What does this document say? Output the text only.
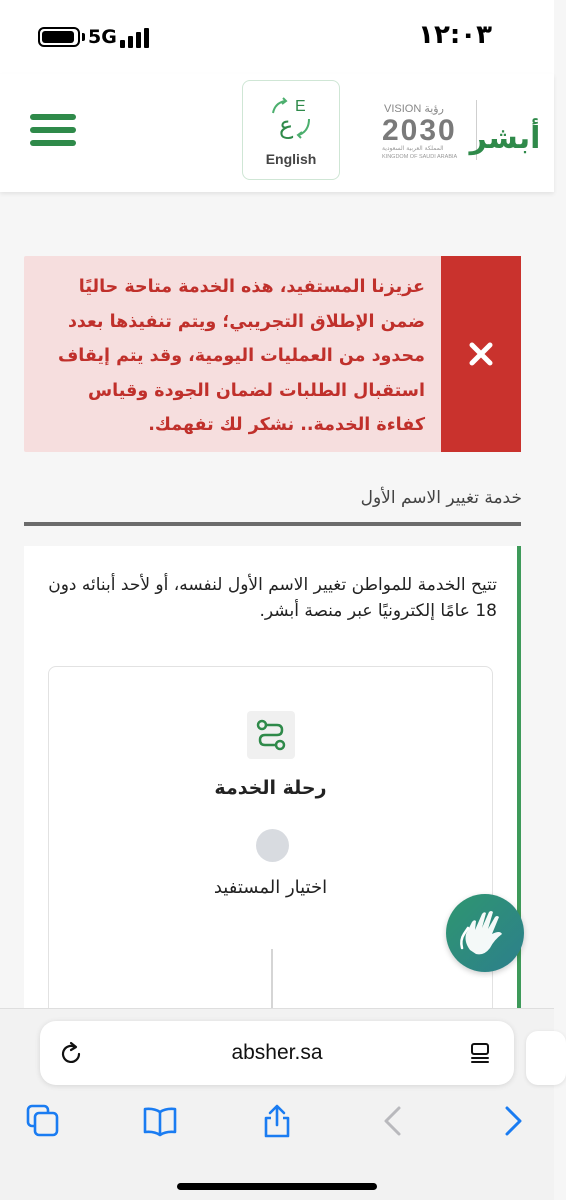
5G	١٢:٠٣
E
ع
English
VISION رؤية
2030
المملكة العربية السعودية
KINGDOM OF SAUDI ARABIA
أبشر
عزيزنا المستفيد، هذه الخدمة متاحة حاليًا ضمن الإطلاق التجريبي؛ ويتم تنفيذها بعدد محدود من العمليات اليومية، وقد يتم إيقاف استقبال الطلبات لضمان الجودة وقياس كفاءة الخدمة.. نشكر لك تفهمك.
خدمة تغيير الاسم الأول
تتيح الخدمة للمواطن تغيير الاسم الأول لنفسه، أو لأحد أبنائه دون 18 عامًا إلكترونيًا عبر منصة أبشر.
رحلة الخدمة
اختيار المستفيد
absher.sa
